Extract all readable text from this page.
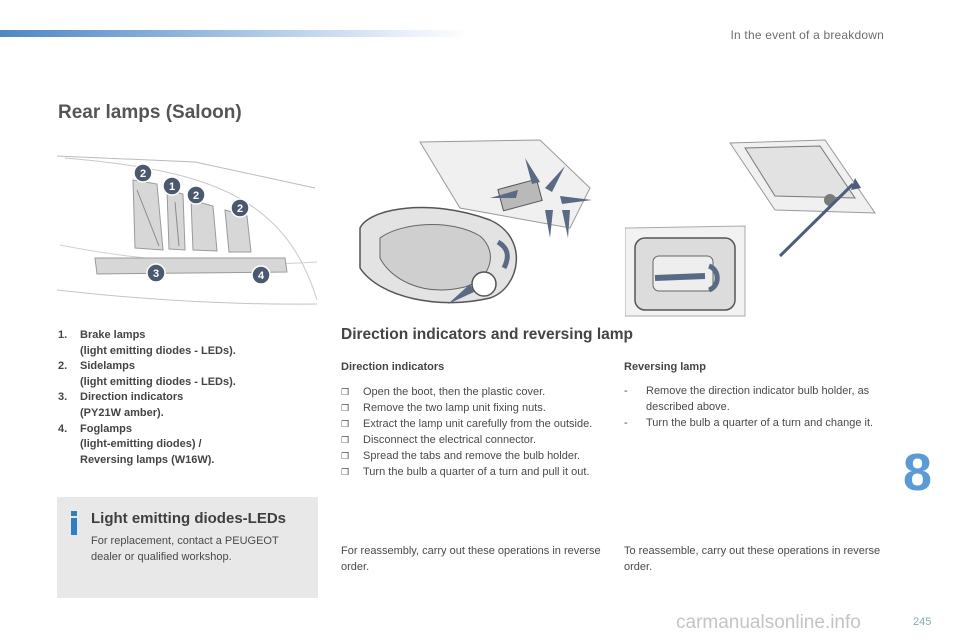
In the event of a breakdown
Rear lamps (Saloon)
1
2
2
2
3	4
1.	Brake lamps
(light emitting diodes - LEDs).
2.	Sidelamps
(light emitting diodes - LEDs).
3.	Direction indicators
(PY21W amber).
4.	Foglamps
(light-emitting diodes) /
Reversing lamps (W16W).
Light emitting diodes-LEDs
For replacement, contact a PEUGEOT dealer or qualified workshop.
Direction indicators and reversing lamp
Direction indicators
❒	Open the boot, then the plastic cover.
❒	Remove the two lamp unit fixing nuts.
❒	Extract the lamp unit carefully from the outside.
❒	Disconnect the electrical connector.
❒	Spread the tabs and remove the bulb holder.
❒	Turn the bulb a quarter of a turn and pull it out.
For reassembly, carry out these operations in reverse order.
Reversing lamp
-	Remove the direction indicator bulb holder, as described above.
-	Turn the bulb a quarter of a turn and change it.
To reassemble, carry out these operations in reverse order.
8
carmanualsonline.info	245
